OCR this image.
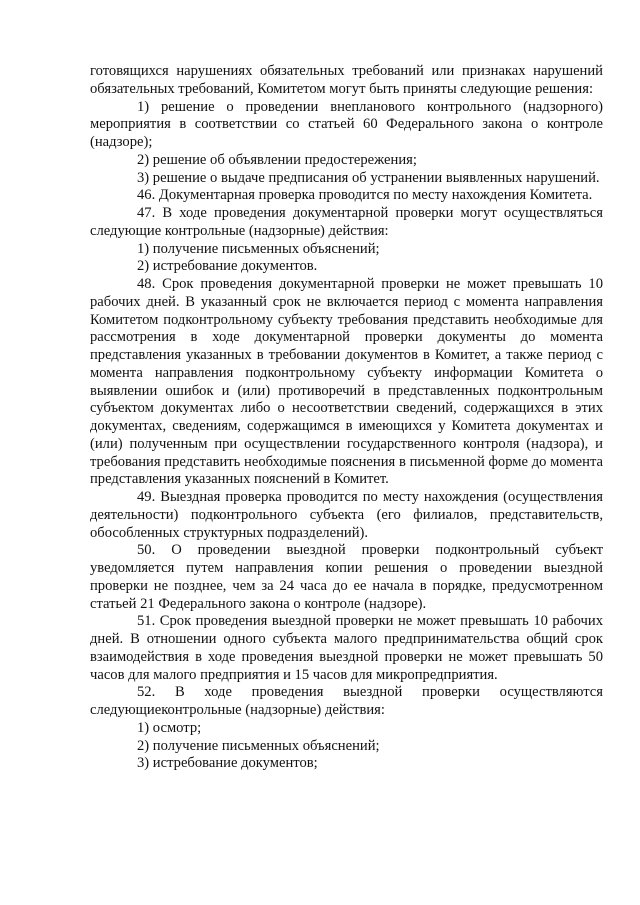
готовящихся нарушениях обязательных требований или признаках нарушений обязательных требований, Комитетом могут быть приняты следующие решения:

1) решение о проведении внепланового контрольного (надзорного) мероприятия в соответствии со статьей 60 Федерального закона о контроле (надзоре);

2) решение об объявлении предостережения;

3) решение о выдаче предписания об устранении выявленных нарушений.

46. Документарная проверка проводится по месту нахождения Комитета.

47. В ходе проведения документарной проверки могут осуществляться следующие контрольные (надзорные) действия:

1) получение письменных объяснений;

2) истребование документов.

48. Срок проведения документарной проверки не может превышать 10 рабочих дней. В указанный срок не включается период с момента направления Комитетом подконтрольному субъекту требования представить необходимые для рассмотрения в ходе документарной проверки документы до момента представления указанных в требовании документов в Комитет, а также период с момента направления подконтрольному субъекту информации Комитета о выявлении ошибок и (или) противоречий в представленных подконтрольным субъектом документах либо о несоответствии сведений, содержащихся в этих документах, сведениям, содержащимся в имеющихся у Комитета документах и (или) полученным при осуществлении государственного контроля (надзора), и требования представить необходимые пояснения в письменной форме до момента представления указанных пояснений в Комитет.

49. Выездная проверка проводится по месту нахождения (осуществления деятельности) подконтрольного субъекта (его филиалов, представительств, обособленных структурных подразделений).

50. О проведении выездной проверки подконтрольный субъект уведомляется путем направления копии решения о проведении выездной проверки не позднее, чем за 24 часа до ее начала в порядке, предусмотренном статьей 21 Федерального закона о контроле (надзоре).

51. Срок проведения выездной проверки не может превышать 10 рабочих дней. В отношении одного субъекта малого предпринимательства общий срок взаимодействия в ходе проведения выездной проверки не может превышать 50 часов для малого предприятия и 15 часов для микропредприятия.

52. В ходе проведения выездной проверки осуществляются следующиеконтрольные (надзорные) действия:

1) осмотр;

2) получение письменных объяснений;

3) истребование документов;
